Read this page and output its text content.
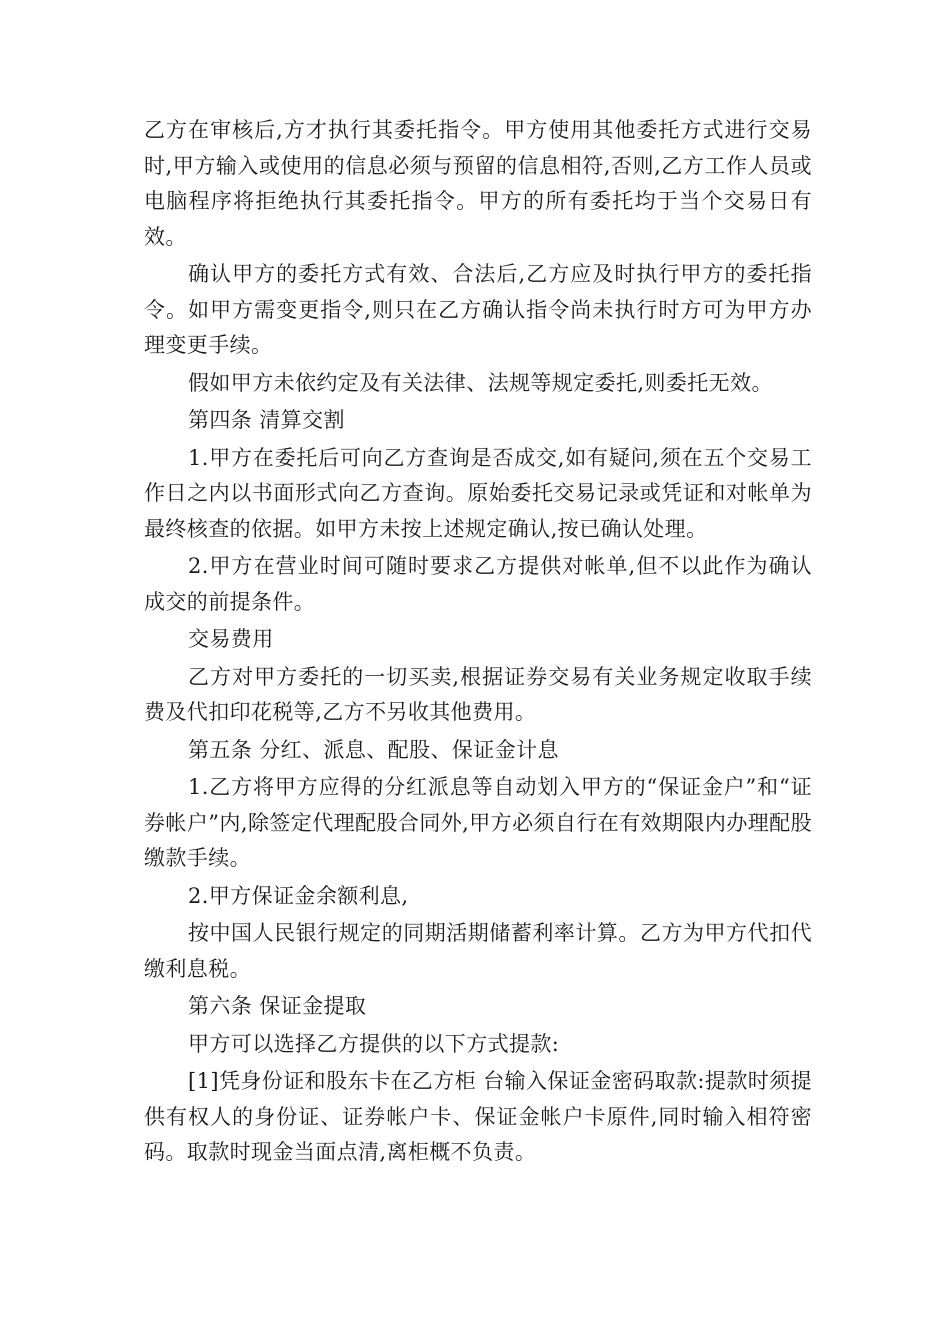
乙方在审核后,方才执行其委托指令。甲方使用其他委托方式进行交易时,甲方输入或使用的信息必须与预留的信息相符,否则,乙方工作人员或电脑程序将拒绝执行其委托指令。甲方的所有委托均于当个交易日有效。

确认甲方的委托方式有效、合法后,乙方应及时执行甲方的委托指令。如甲方需变更指令,则只在乙方确认指令尚未执行时方可为甲方办理变更手续。

假如甲方未依约定及有关法律、法规等规定委托,则委托无效。

第四条 清算交割

1.甲方在委托后可向乙方查询是否成交,如有疑问,须在五个交易工作日之内以书面形式向乙方查询。原始委托交易记录或凭证和对帐单为最终核查的依据。如甲方未按上述规定确认,按已确认处理。

2.甲方在营业时间可随时要求乙方提供对帐单,但不以此作为确认成交的前提条件。

交易费用

乙方对甲方委托的一切买卖,根据证券交易有关业务规定收取手续费及代扣印花税等,乙方不另收其他费用。

第五条 分红、派息、配股、保证金计息

1.乙方将甲方应得的分红派息等自动划入甲方的“保证金户”和“证券帐户”内,除签定代理配股合同外,甲方必须自行在有效期限内办理配股缴款手续。

2.甲方保证金余额利息,

按中国人民银行规定的同期活期储蓄利率计算。乙方为甲方代扣代缴利息税。

第六条 保证金提取

甲方可以选择乙方提供的以下方式提款:

[1]凭身份证和股东卡在乙方柜 台输入保证金密码取款:提款时须提供有权人的身份证、证券帐户卡、保证金帐户卡原件,同时输入相符密码。取款时现金当面点清,离柜概不负责。
